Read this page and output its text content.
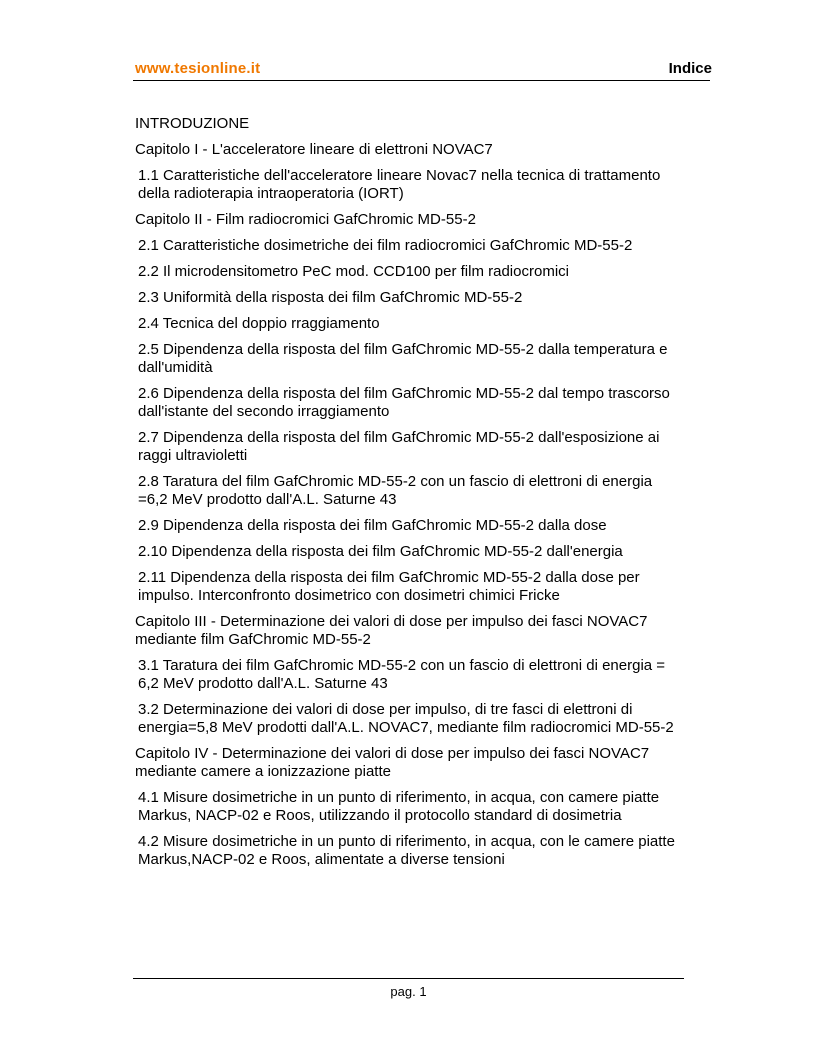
www.tesionline.it	Indice

INTRODUZIONE

Capitolo I - L'acceleratore lineare di elettroni NOVAC7

1.1 Caratteristiche dell'acceleratore lineare Novac7 nella tecnica di trattamento della radioterapia intraoperatoria (IORT)

Capitolo II - Film radiocromici GafChromic MD-55-2

2.1 Caratteristiche dosimetriche dei film radiocromici GafChromic MD-55-2

2.2 Il microdensitometro PeC mod. CCD100 per film radiocromici

2.3 Uniformità della risposta dei film GafChromic MD-55-2

2.4 Tecnica del doppio rraggiamento

2.5 Dipendenza della risposta del film GafChromic MD-55-2 dalla temperatura e dall'umidità

2.6 Dipendenza della risposta del film GafChromic MD-55-2 dal tempo trascorso dall'istante del secondo irraggiamento

2.7 Dipendenza della risposta del film GafChromic MD-55-2 dall'esposizione ai raggi ultravioletti

2.8 Taratura del film GafChromic MD-55-2 con un fascio di elettroni di energia =6,2 MeV prodotto dall'A.L. Saturne 43

2.9 Dipendenza della risposta dei film GafChromic MD-55-2 dalla dose

2.10 Dipendenza della risposta dei film GafChromic MD-55-2 dall'energia

2.11 Dipendenza della risposta dei film GafChromic MD-55-2 dalla dose per impulso. Interconfronto dosimetrico con dosimetri chimici Fricke

Capitolo III - Determinazione dei valori di dose per impulso dei fasci NOVAC7 mediante film GafChromic MD-55-2

3.1 Taratura dei film GafChromic MD-55-2 con un fascio di elettroni di energia = 6,2 MeV prodotto dall'A.L. Saturne 43

3.2 Determinazione dei valori di dose per impulso, di tre fasci di elettroni di energia=5,8 MeV prodotti dall'A.L. NOVAC7, mediante film radiocromici MD-55-2

Capitolo IV - Determinazione dei valori di dose per impulso dei fasci NOVAC7 mediante camere a ionizzazione piatte

4.1 Misure dosimetriche in un punto di riferimento, in acqua, con camere piatte Markus, NACP-02 e Roos, utilizzando il protocollo standard di dosimetria

4.2 Misure dosimetriche in un punto di riferimento, in acqua, con le camere piatte Markus,NACP-02 e Roos, alimentate a diverse tensioni

pag. 1
